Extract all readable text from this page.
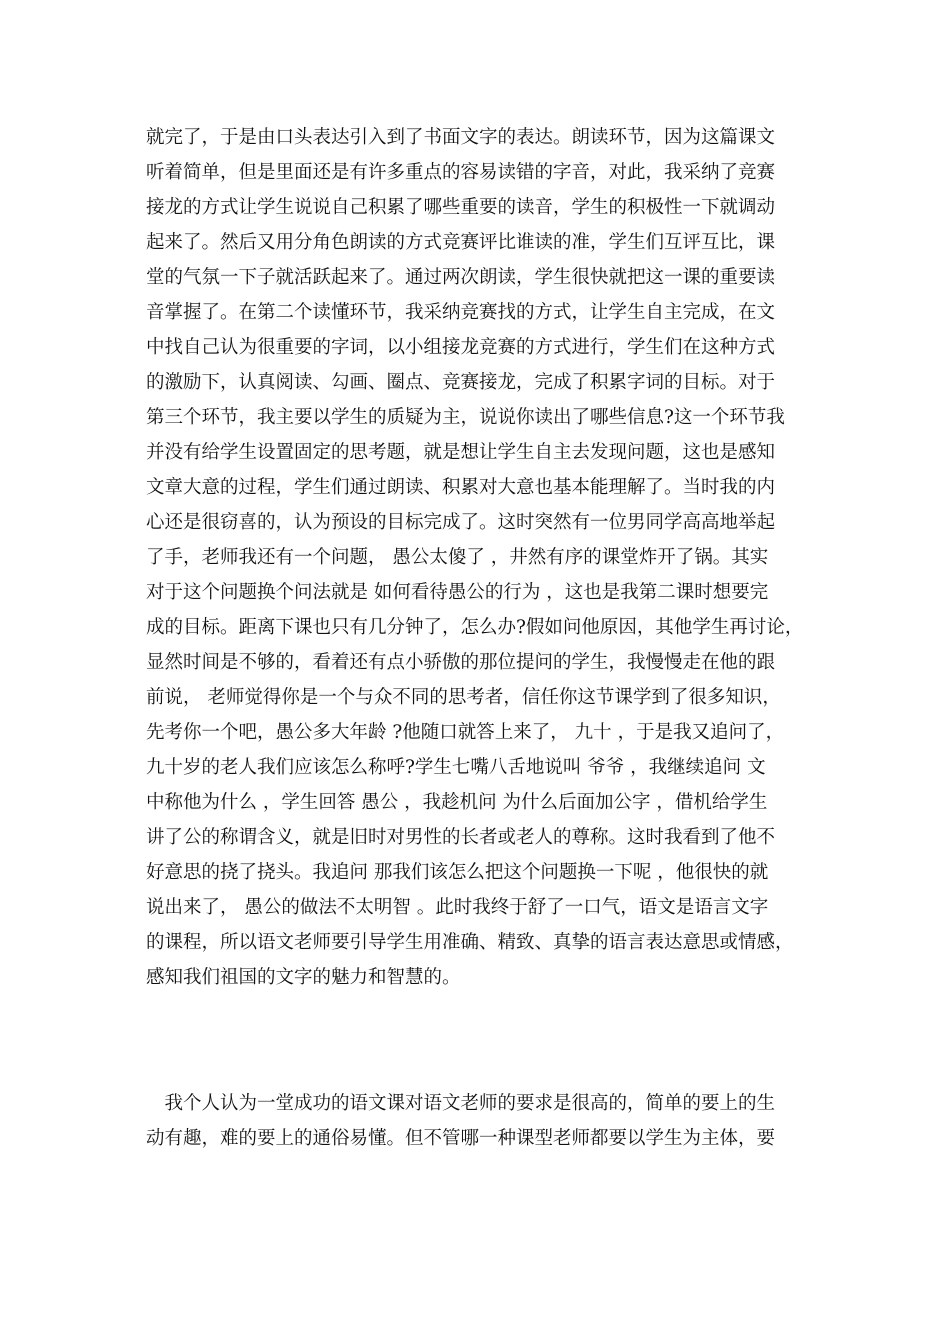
就完了，于是由口头表达引入到了书面文字的表达。朗读环节，因为这篇课文
听着简单，但是里面还是有许多重点的容易读错的字音，对此，我采纳了竞赛
接龙的方式让学生说说自己积累了哪些重要的读音，学生的积极性一下就调动
起来了。然后又用分角色朗读的方式竞赛评比谁读的准，学生们互评互比，课
堂的气氛一下子就活跃起来了。通过两次朗读，学生很快就把这一课的重要读
音掌握了。在第二个读懂环节，我采纳竞赛找的方式，让学生自主完成，在文
中找自己认为很重要的字词，以小组接龙竞赛的方式进行，学生们在这种方式
的激励下，认真阅读、勾画、圈点、竞赛接龙，完成了积累字词的目标。对于
第三个环节，我主要以学生的质疑为主，说说你读出了哪些信息?这一个环节我
并没有给学生设置固定的思考题，就是想让学生自主去发现问题，这也是感知
文章大意的过程，学生们通过朗读、积累对大意也基本能理解了。当时我的内
心还是很窃喜的，认为预设的目标完成了。这时突然有一位男同学高高地举起
了手，老师我还有一个问题， 愚公太傻了 ，井然有序的课堂炸开了锅。其实
对于这个问题换个问法就是 如何看待愚公的行为 ，这也是我第二课时想要完
成的目标。距离下课也只有几分钟了，怎么办?假如问他原因，其他学生再讨论，
显然时间是不够的，看着还有点小骄傲的那位提问的学生，我慢慢走在他的跟
前说， 老师觉得你是一个与众不同的思考者，信任你这节课学到了很多知识，
先考你一个吧，愚公多大年龄 ?他随口就答上来了， 九十 ，于是我又追问了，
九十岁的老人我们应该怎么称呼?学生七嘴八舌地说叫 爷爷 ，我继续追问 文
中称他为什么 ，学生回答 愚公 ，我趁机问 为什么后面加公字 ，借机给学生
讲了公的称谓含义，就是旧时对男性的长者或老人的尊称。这时我看到了他不
好意思的挠了挠头。我追问 那我们该怎么把这个问题换一下呢 ，他很快的就
说出来了， 愚公的做法不太明智 。此时我终于舒了一口气，语文是语言文字
的课程，所以语文老师要引导学生用准确、精致、真挚的语言表达意思或情感，
感知我们祖国的文字的魅力和智慧的。
　我个人认为一堂成功的语文课对语文老师的要求是很高的，简单的要上的生
动有趣，难的要上的通俗易懂。但不管哪一种课型老师都要以学生为主体，要
